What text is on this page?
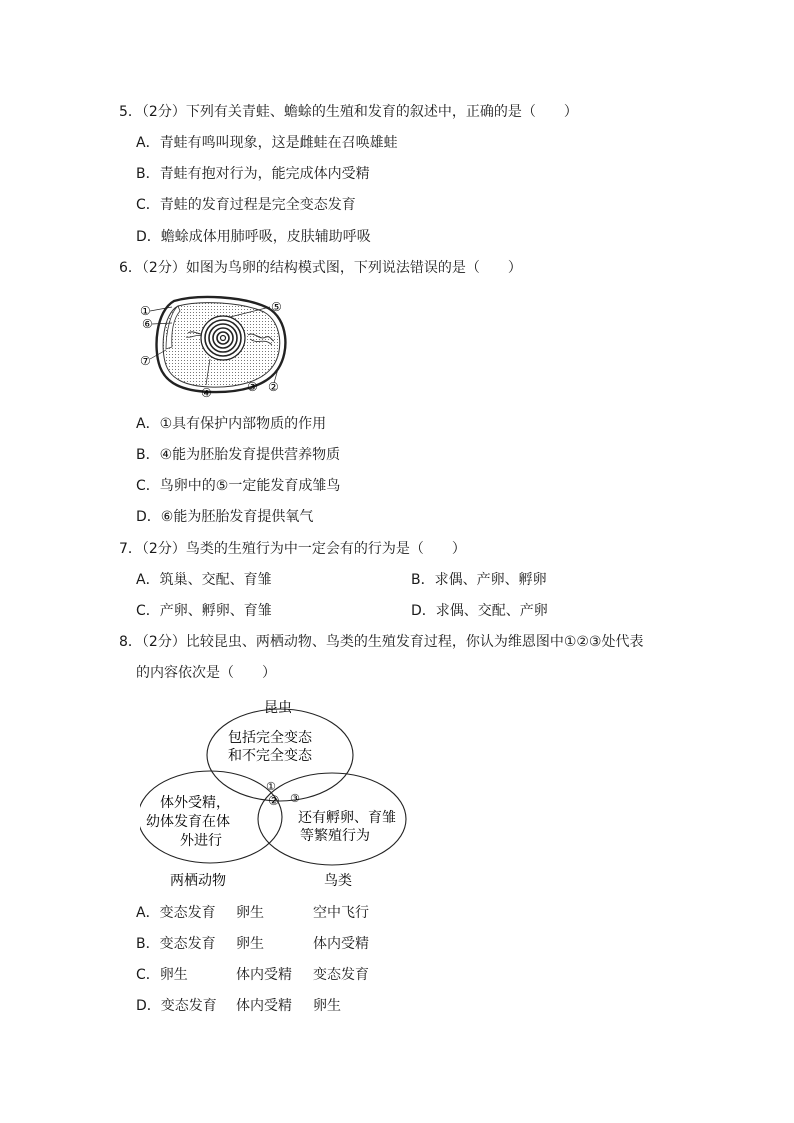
5．（2分）下列有关青蛙、蟾蜍的生殖和发育的叙述中，正确的是（　　）
A．青蛙有鸣叫现象，这是雌蛙在召唤雄蛙
B．青蛙有抱对行为，能完成体内受精
C．青蛙的发育过程是完全变态发育
D．蟾蜍成体用肺呼吸，皮肤辅助呼吸
6．（2分）如图为鸟卵的结构模式图，下列说法错误的是（　　）
①
⑥
⑦
④	③ ②
⑤
A．①具有保护内部物质的作用
B．④能为胚胎发育提供营养物质
C．鸟卵中的⑤一定能发育成雏鸟
D．⑥能为胚胎发育提供氧气
7．（2分）鸟类的生殖行为中一定会有的行为是（　　）
A．筑巢、交配、育雏	B．求偶、产卵、孵卵
C．产卵、孵卵、育雏	D．求偶、交配、产卵
8．（2分）比较昆虫、两栖动物、鸟类的生殖发育过程，你认为维恩图中①②③处代表
的内容依次是（　　）
昆虫
包括完全变态
和不完全变态
体外受精，
幼体发育在体
外进行
还有孵卵、育雏
等繁殖行为
①
② ③
两栖动物	鸟类
A．变态发育 卵生	空中飞行
B．变态发育 卵生	体内受精
C．卵生	体内受精 变态发育
D．变态发育 体内受精 卵生
